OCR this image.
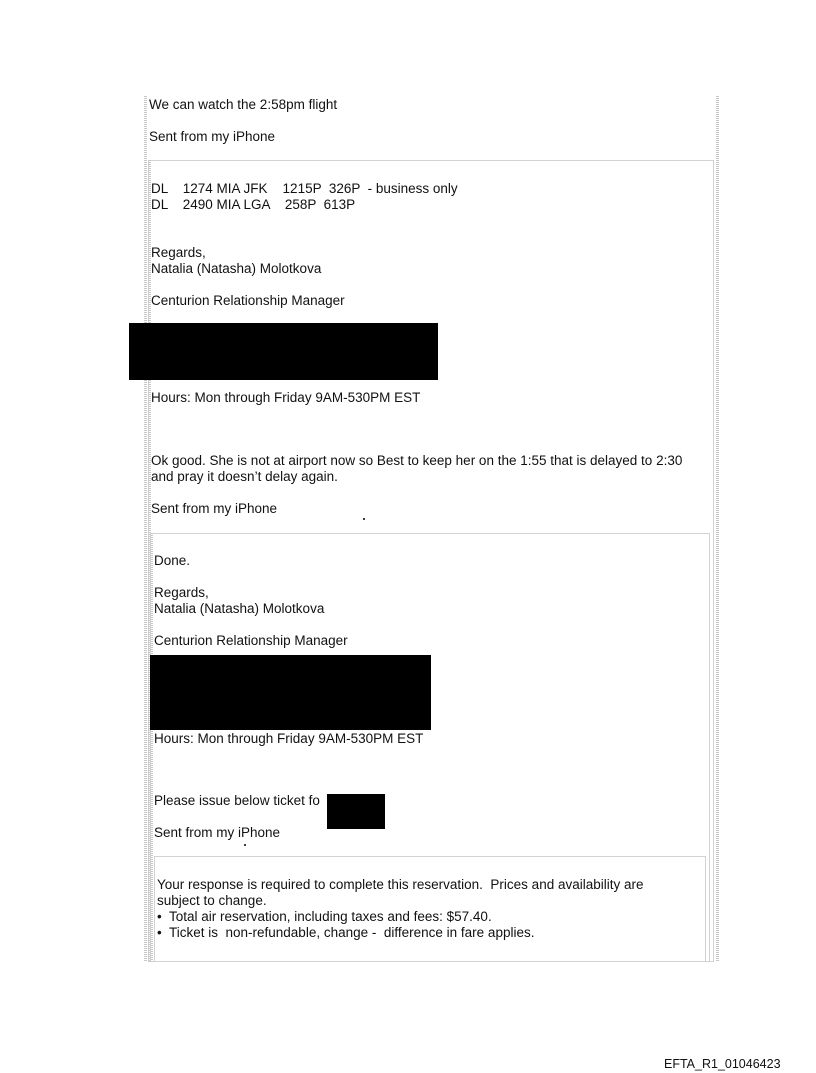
We can watch the 2:58pm flight
Sent from my iPhone
DL    1274 MIA JFK    1215P  326P  - business only
DL    2490 MIA LGA    258P  613P
Regards,
Natalia (Natasha) Molotkova
Centurion Relationship Manager
Hours: Mon through Friday 9AM-530PM EST
Ok good. She is not at airport now so Best to keep her on the 1:55 that is delayed to 2:30
and pray it doesn’t delay again.
Sent from my iPhone
Done.
Regards,
Natalia (Natasha) Molotkova
Centurion Relationship Manager
Hours: Mon through Friday 9AM-530PM EST
Please issue below ticket fo
Sent from my iPhone
Your response is required to complete this reservation.  Prices and availability are
subject to change.
• Total air reservation, including taxes and fees: $57.40.
• Ticket is  non-refundable, change -  difference in fare applies.
EFTA_R1_01046423
